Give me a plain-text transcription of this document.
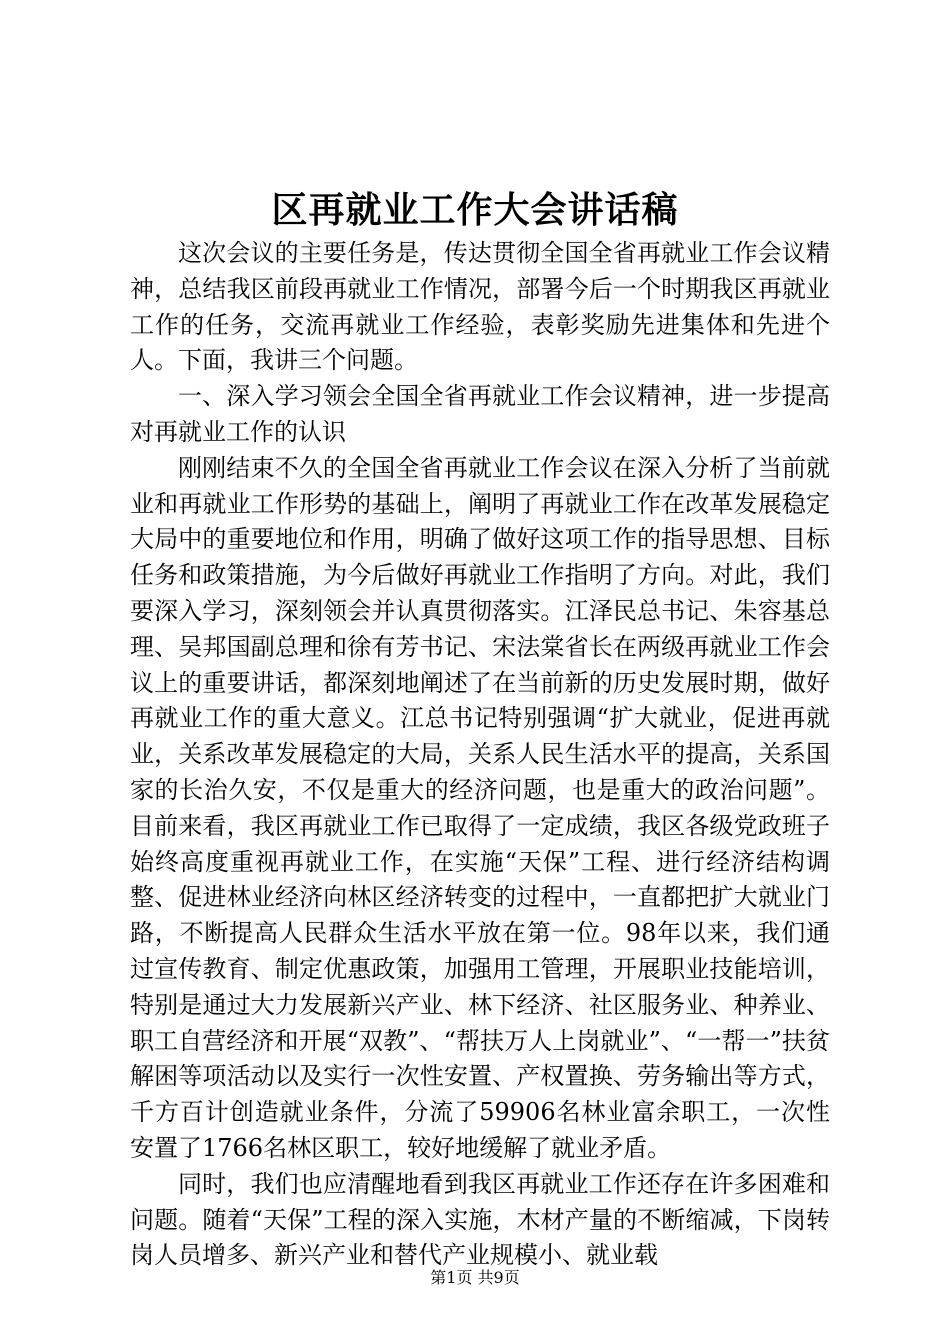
区再就业工作大会讲话稿

这次会议的主要任务是，传达贯彻全国全省再就业工作会议精神，总结我区前段再就业工作情况，部署今后一个时期我区再就业工作的任务，交流再就业工作经验，表彰奖励先进集体和先进个人。下面，我讲三个问题。

一、深入学习领会全国全省再就业工作会议精神，进一步提高对再就业工作的认识

刚刚结束不久的全国全省再就业工作会议在深入分析了当前就业和再就业工作形势的基础上，阐明了再就业工作在改革发展稳定大局中的重要地位和作用，明确了做好这项工作的指导思想、目标任务和政策措施，为今后做好再就业工作指明了方向。对此，我们要深入学习，深刻领会并认真贯彻落实。江泽民总书记、朱容基总理、吴邦国副总理和徐有芳书记、宋法棠省长在两级再就业工作会议上的重要讲话，都深刻地阐述了在当前新的历史发展时期，做好再就业工作的重大意义。江总书记特别强调“扩大就业，促进再就业，关系改革发展稳定的大局，关系人民生活水平的提高，关系国家的长治久安，不仅是重大的经济问题，也是重大的政治问题”。目前来看，我区再就业工作已取得了一定成绩，我区各级党政班子始终高度重视再就业工作，在实施“天保”工程、进行经济结构调整、促进林业经济向林区经济转变的过程中，一直都把扩大就业门路，不断提高人民群众生活水平放在第一位。98年以来，我们通过宣传教育、制定优惠政策，加强用工管理，开展职业技能培训，特别是通过大力发展新兴产业、林下经济、社区服务业、种养业、职工自营经济和开展“双教”、“帮扶万人上岗就业”、“一帮一”扶贫解困等项活动以及实行一次性安置、产权置换、劳务输出等方式，千方百计创造就业条件，分流了59906名林业富余职工，一次性安置了1766名林区职工，较好地缓解了就业矛盾。

同时，我们也应清醒地看到我区再就业工作还存在许多困难和问题。随着“天保”工程的深入实施，木材产量的不断缩减，下岗转岗人员增多、新兴产业和替代产业规模小、就业载

第1页 共9页
